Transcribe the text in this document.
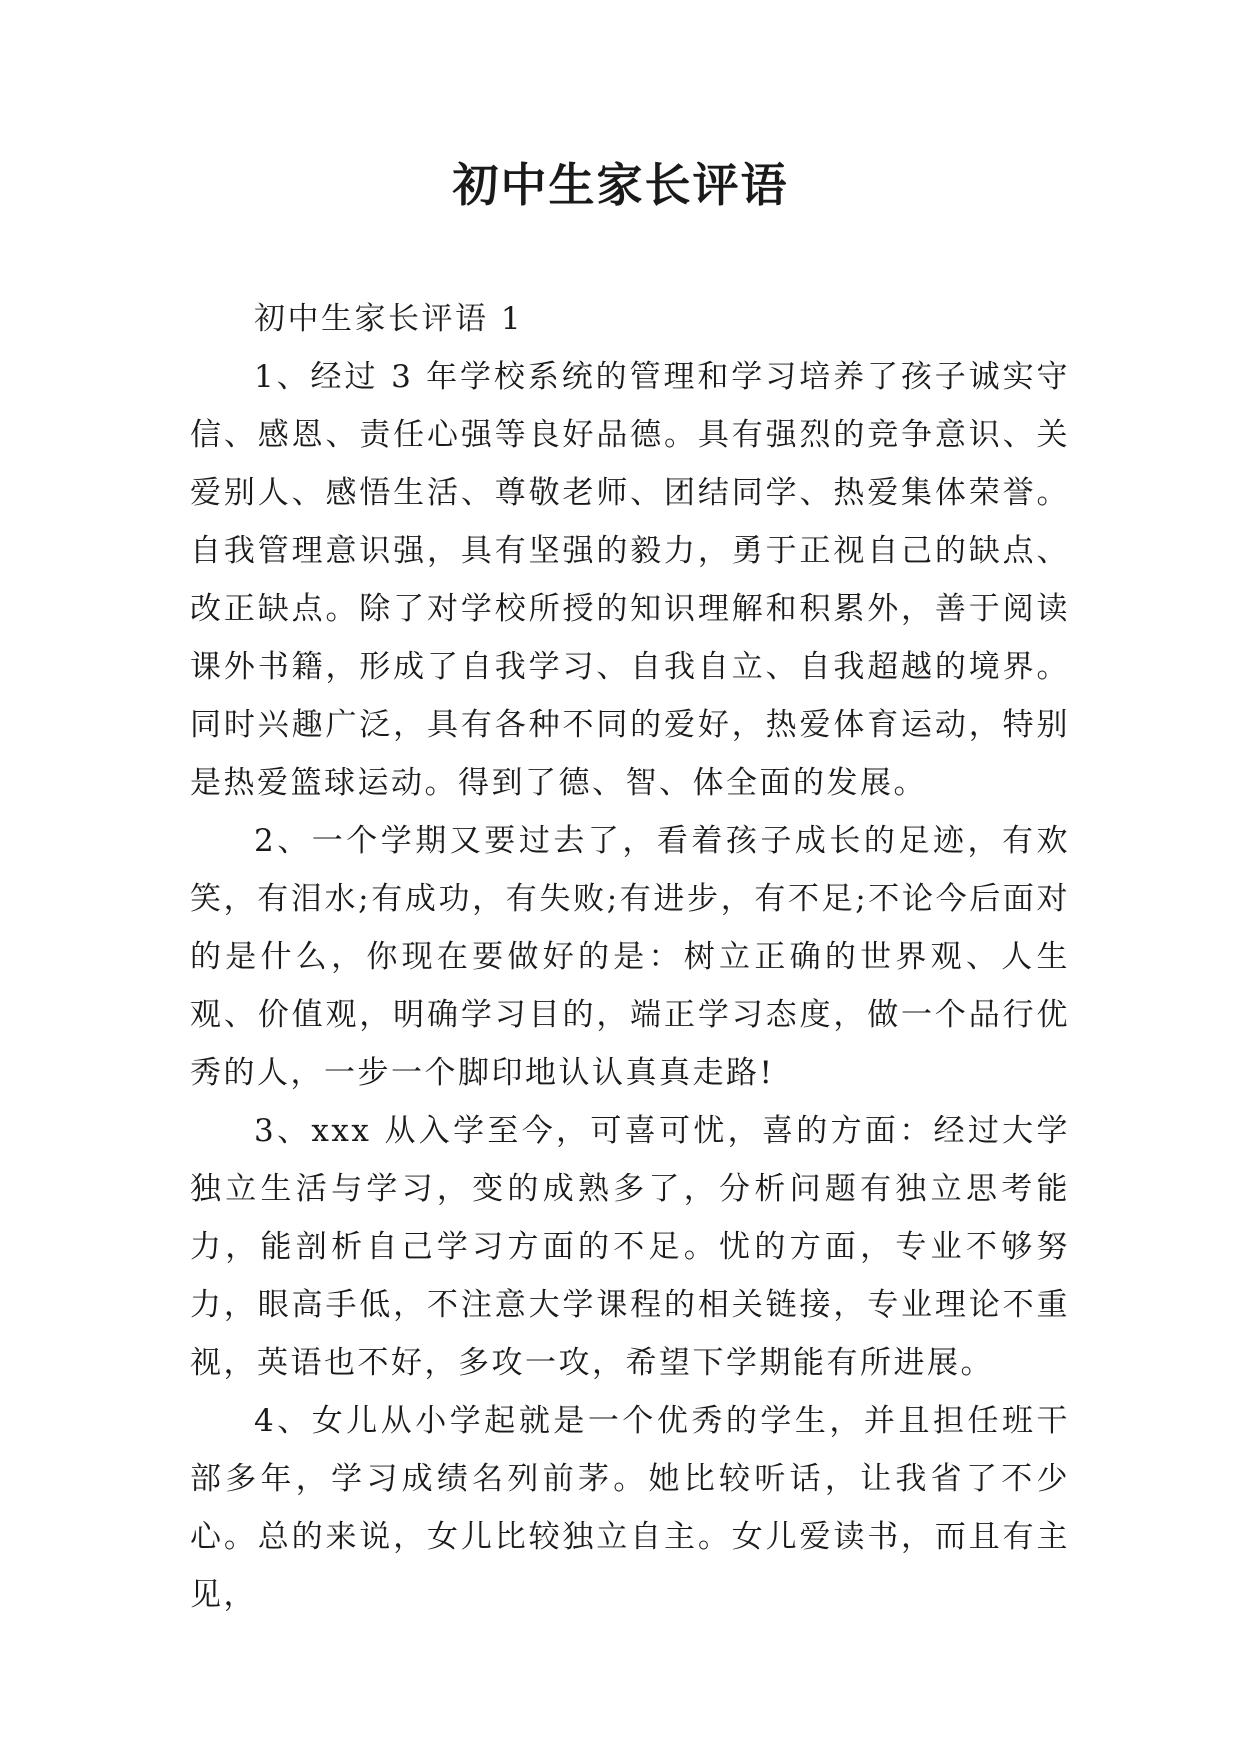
初中生家长评语

初中生家长评语 1

1、经过 3 年学校系统的管理和学习培养了孩子诚实守信、感恩、责任心强等良好品德。具有强烈的竞争意识、关爱别人、感悟生活、尊敬老师、团结同学、热爱集体荣誉。自我管理意识强，具有坚强的毅力，勇于正视自己的缺点、改正缺点。除了对学校所授的知识理解和积累外，善于阅读课外书籍，形成了自我学习、自我自立、自我超越的境界。同时兴趣广泛，具有各种不同的爱好，热爱体育运动，特别是热爱篮球运动。得到了德、智、体全面的发展。

2、一个学期又要过去了，看着孩子成长的足迹，有欢笑，有泪水;有成功，有失败;有进步，有不足;不论今后面对的是什么，你现在要做好的是：树立正确的世界观、人生观、价值观，明确学习目的，端正学习态度，做一个品行优秀的人，一步一个脚印地认认真真走路!

3、xxx 从入学至今，可喜可忧，喜的方面：经过大学独立生活与学习，变的成熟多了，分析问题有独立思考能力，能剖析自己学习方面的不足。忧的方面，专业不够努力，眼高手低，不注意大学课程的相关链接，专业理论不重视，英语也不好，多攻一攻，希望下学期能有所进展。

4、女儿从小学起就是一个优秀的学生，并且担任班干部多年，学习成绩名列前茅。她比较听话，让我省了不少心。总的来说，女儿比较独立自主。女儿爱读书，而且有主见，
